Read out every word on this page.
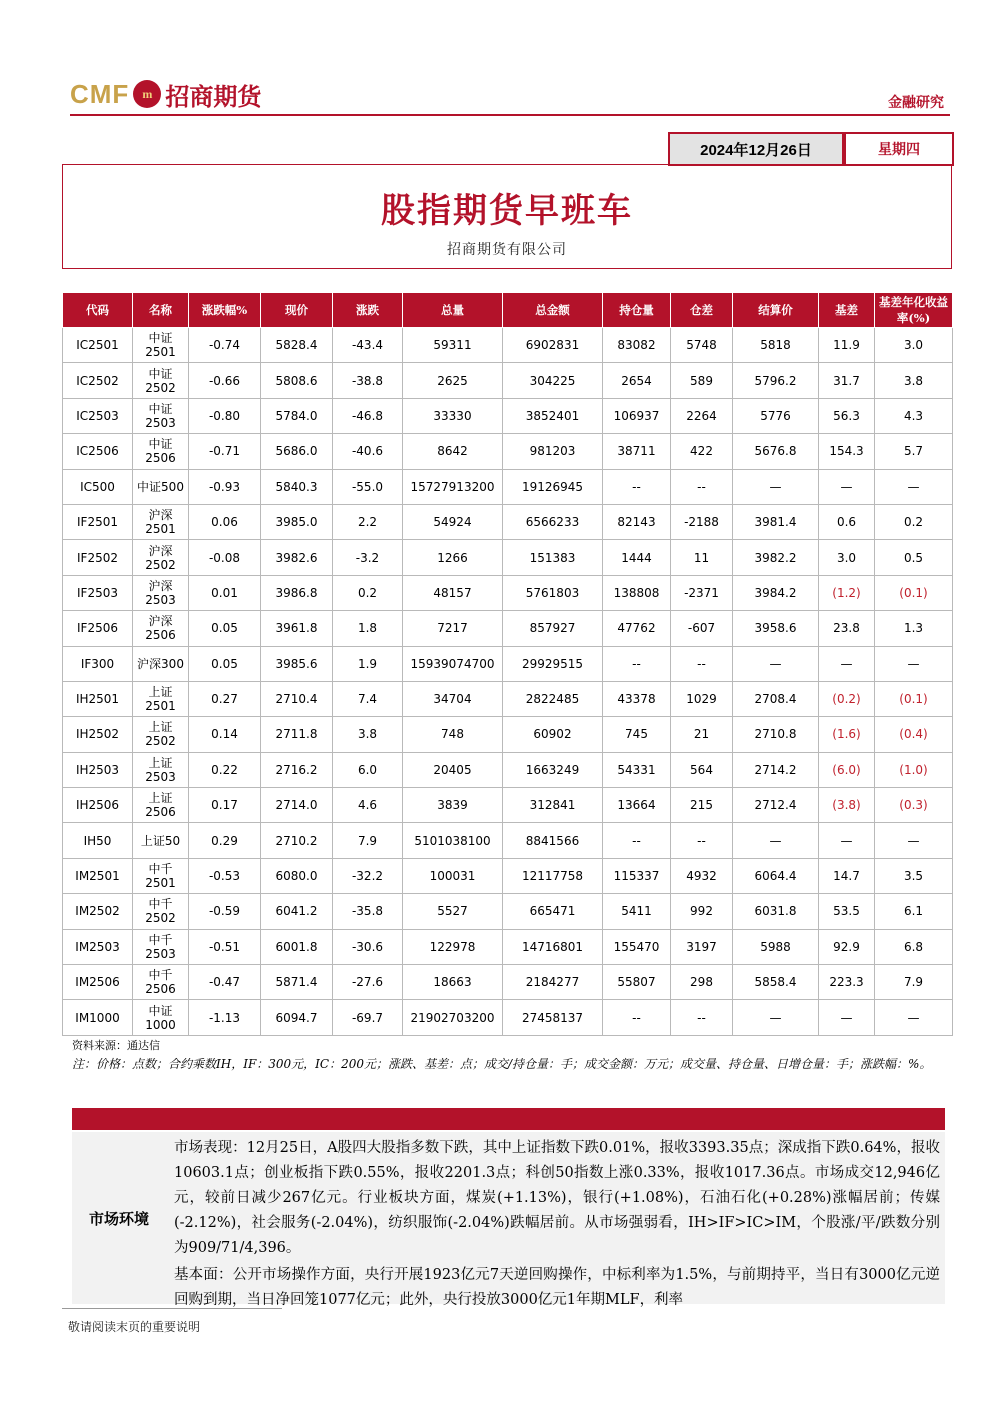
CMF	m 招商期货	金融研究
2024年12月26日	星期四
股指期货早班车
招商期货有限公司
代码	名称	涨跌幅%	现价	涨跌	总量	总金额	持仓量	仓差	结算价	基差	基差年化收益率(%)
IC2501	中证2501	-0.74	5828.4	-43.4	59311	6902831	83082	5748	5818	11.9	3.0
IC2502	中证2502	-0.66	5808.6	-38.8	2625	304225	2654	589	5796.2	31.7	3.8
IC2503	中证2503	-0.80	5784.0	-46.8	33330	3852401	106937	2264	5776	56.3	4.3
IC2506	中证2506	-0.71	5686.0	-40.6	8642	981203	38711	422	5676.8	154.3	5.7
IC500	中证500	-0.93	5840.3	-55.0	15727913200	19126945	--	--	—	—	—
IF2501	沪深2501	0.06	3985.0	2.2	54924	6566233	82143	-2188	3981.4	0.6	0.2
IF2502	沪深2502	-0.08	3982.6	-3.2	1266	151383	1444	11	3982.2	3.0	0.5
IF2503	沪深2503	0.01	3986.8	0.2	48157	5761803	138808	-2371	3984.2	(1.2)	(0.1)
IF2506	沪深2506	0.05	3961.8	1.8	7217	857927	47762	-607	3958.6	23.8	1.3
IF300	沪深300	0.05	3985.6	1.9	15939074700	29929515	--	--	—	—	—
IH2501	上证2501	0.27	2710.4	7.4	34704	2822485	43378	1029	2708.4	(0.2)	(0.1)
IH2502	上证2502	0.14	2711.8	3.8	748	60902	745	21	2710.8	(1.6)	(0.4)
IH2503	上证2503	0.22	2716.2	6.0	20405	1663249	54331	564	2714.2	(6.0)	(1.0)
IH2506	上证2506	0.17	2714.0	4.6	3839	312841	13664	215	2712.4	(3.8)	(0.3)
IH50	上证50	0.29	2710.2	7.9	5101038100	8841566	--	--	—	—	—
IM2501	中千2501	-0.53	6080.0	-32.2	100031	12117758	115337	4932	6064.4	14.7	3.5
IM2502	中千2502	-0.59	6041.2	-35.8	5527	665471	5411	992	6031.8	53.5	6.1
IM2503	中千2503	-0.51	6001.8	-30.6	122978	14716801	155470	3197	5988	92.9	6.8
IM2506	中千2506	-0.47	5871.4	-27.6	18663	2184277	55807	298	5858.4	223.3	7.9
IM1000	中证1000	-1.13	6094.7	-69.7	21902703200	27458137	--	--	—	—	—
资料来源：通达信
注：价格：点数；合约乘数IH，IF：300元，IC：200元；涨跌、基差：点；成交/持仓量：手；成交金额：万元；成交量、持仓量、日增仓量：手；涨跌幅：%。
市场环境

市场表现：12月25日，A股四大股指多数下跌，其中上证指数下跌0.01%，报收3393.35点；深成指下跌0.64%，报收10603.1点；创业板指下跌0.55%，报收2201.3点；科创50指数上涨0.33%，报收1017.36点。市场成交12,946亿元，较前日减少267亿元。行业板块方面，煤炭(+1.13%)，银行(+1.08%)，石油石化(+0.28%)涨幅居前；传媒(-2.12%)，社会服务(-2.04%)，纺织服饰(-2.04%)跌幅居前。从市场强弱看，IH>IF>IC>IM，个股涨/平/跌数分别为909/71/4,396。

基本面：公开市场操作方面，央行开展1923亿元7天逆回购操作，中标利率为1.5%，与前期持平，当日有3000亿元逆回购到期，当日净回笼1077亿元；此外，央行投放3000亿元1年期MLF，利率

敬请阅读末页的重要说明
